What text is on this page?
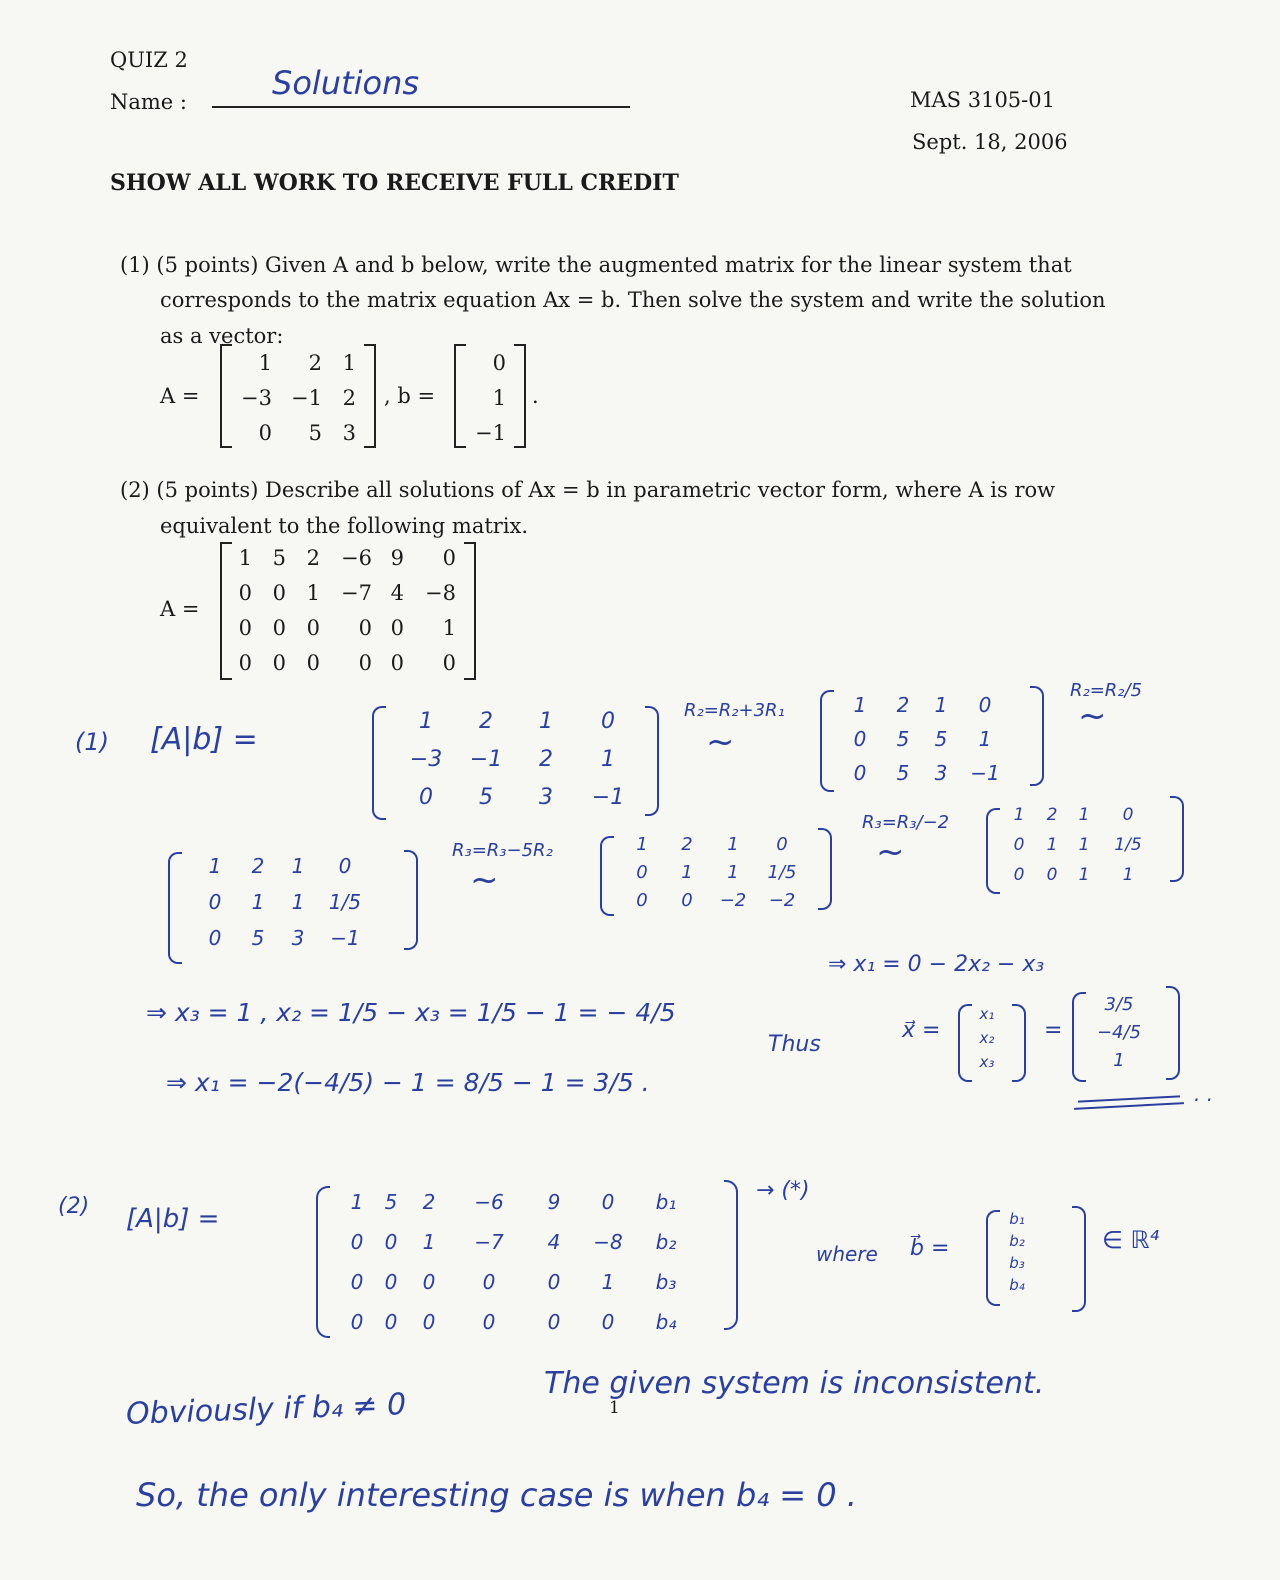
QUIZ 2
Name :	Solutions	MAS 3105-01
Sept. 18, 2006
SHOW ALL WORK TO RECEIVE FULL CREDIT
(1) (5 points) Given A and b below, write the augmented matrix for the linear system that
corresponds to the matrix equation Ax = b. Then solve the system and write the solution
as a vector:
A =
1	2	1
−3	−1	2
0	5	3
, b =
0
1
−1
.
(2) (5 points) Describe all solutions of Ax = b in parametric vector form, where A is row
equivalent to the following matrix.
A =
1	5	2	−6	9	0
0	0	1	−7	4	−8
0	0	0	0	0	1
0	0	0	0	0	0
(1) [A|b] =
1	2	1	0
−3	−1	2	1
0	5	3	−1
R₂=R₂+3R₁
~
1	2	1	0
0	5	5	1
0	5	3	−1
R₂=R₂/5
~
1	2	1	0
0	1	1	1/5
0	5	3	−1
R₃=R₃−5R₂
~
1	2	1	0
0	1	1	1/5
0	0	−2	−2
R₃=R₃/−2
~
1	2	1	0
0	1	1	1/5
0	0	1	1
⇒ x₁ = 0 − 2x₂ − x₃
⇒ x₃ = 1 , x₂ = 1/5 − x₃ = 1/5 − 1 = − 4/5
⇒ x₁ = −2(−4/5) − 1 = 8/5 − 1 = 3/5 .
Thus
x⃗ =
x₁
x₂
x₃
=
3/5
−4/5
1
. .
(2) [A|b] =
1	5	2	−6	9	0	b₁
0	0	1	−7	4	−8	b₂
0	0	0	0	0	1	b₃
0	0	0	0	0	0	b₄
→ (*)
where b⃗ =
b₁
b₂
b₃
b₄
∈ ℝ⁴
Obviously if b₄ ≠ 0
The given system is inconsistent.
So, the only interesting case is when b₄ = 0 .
1
